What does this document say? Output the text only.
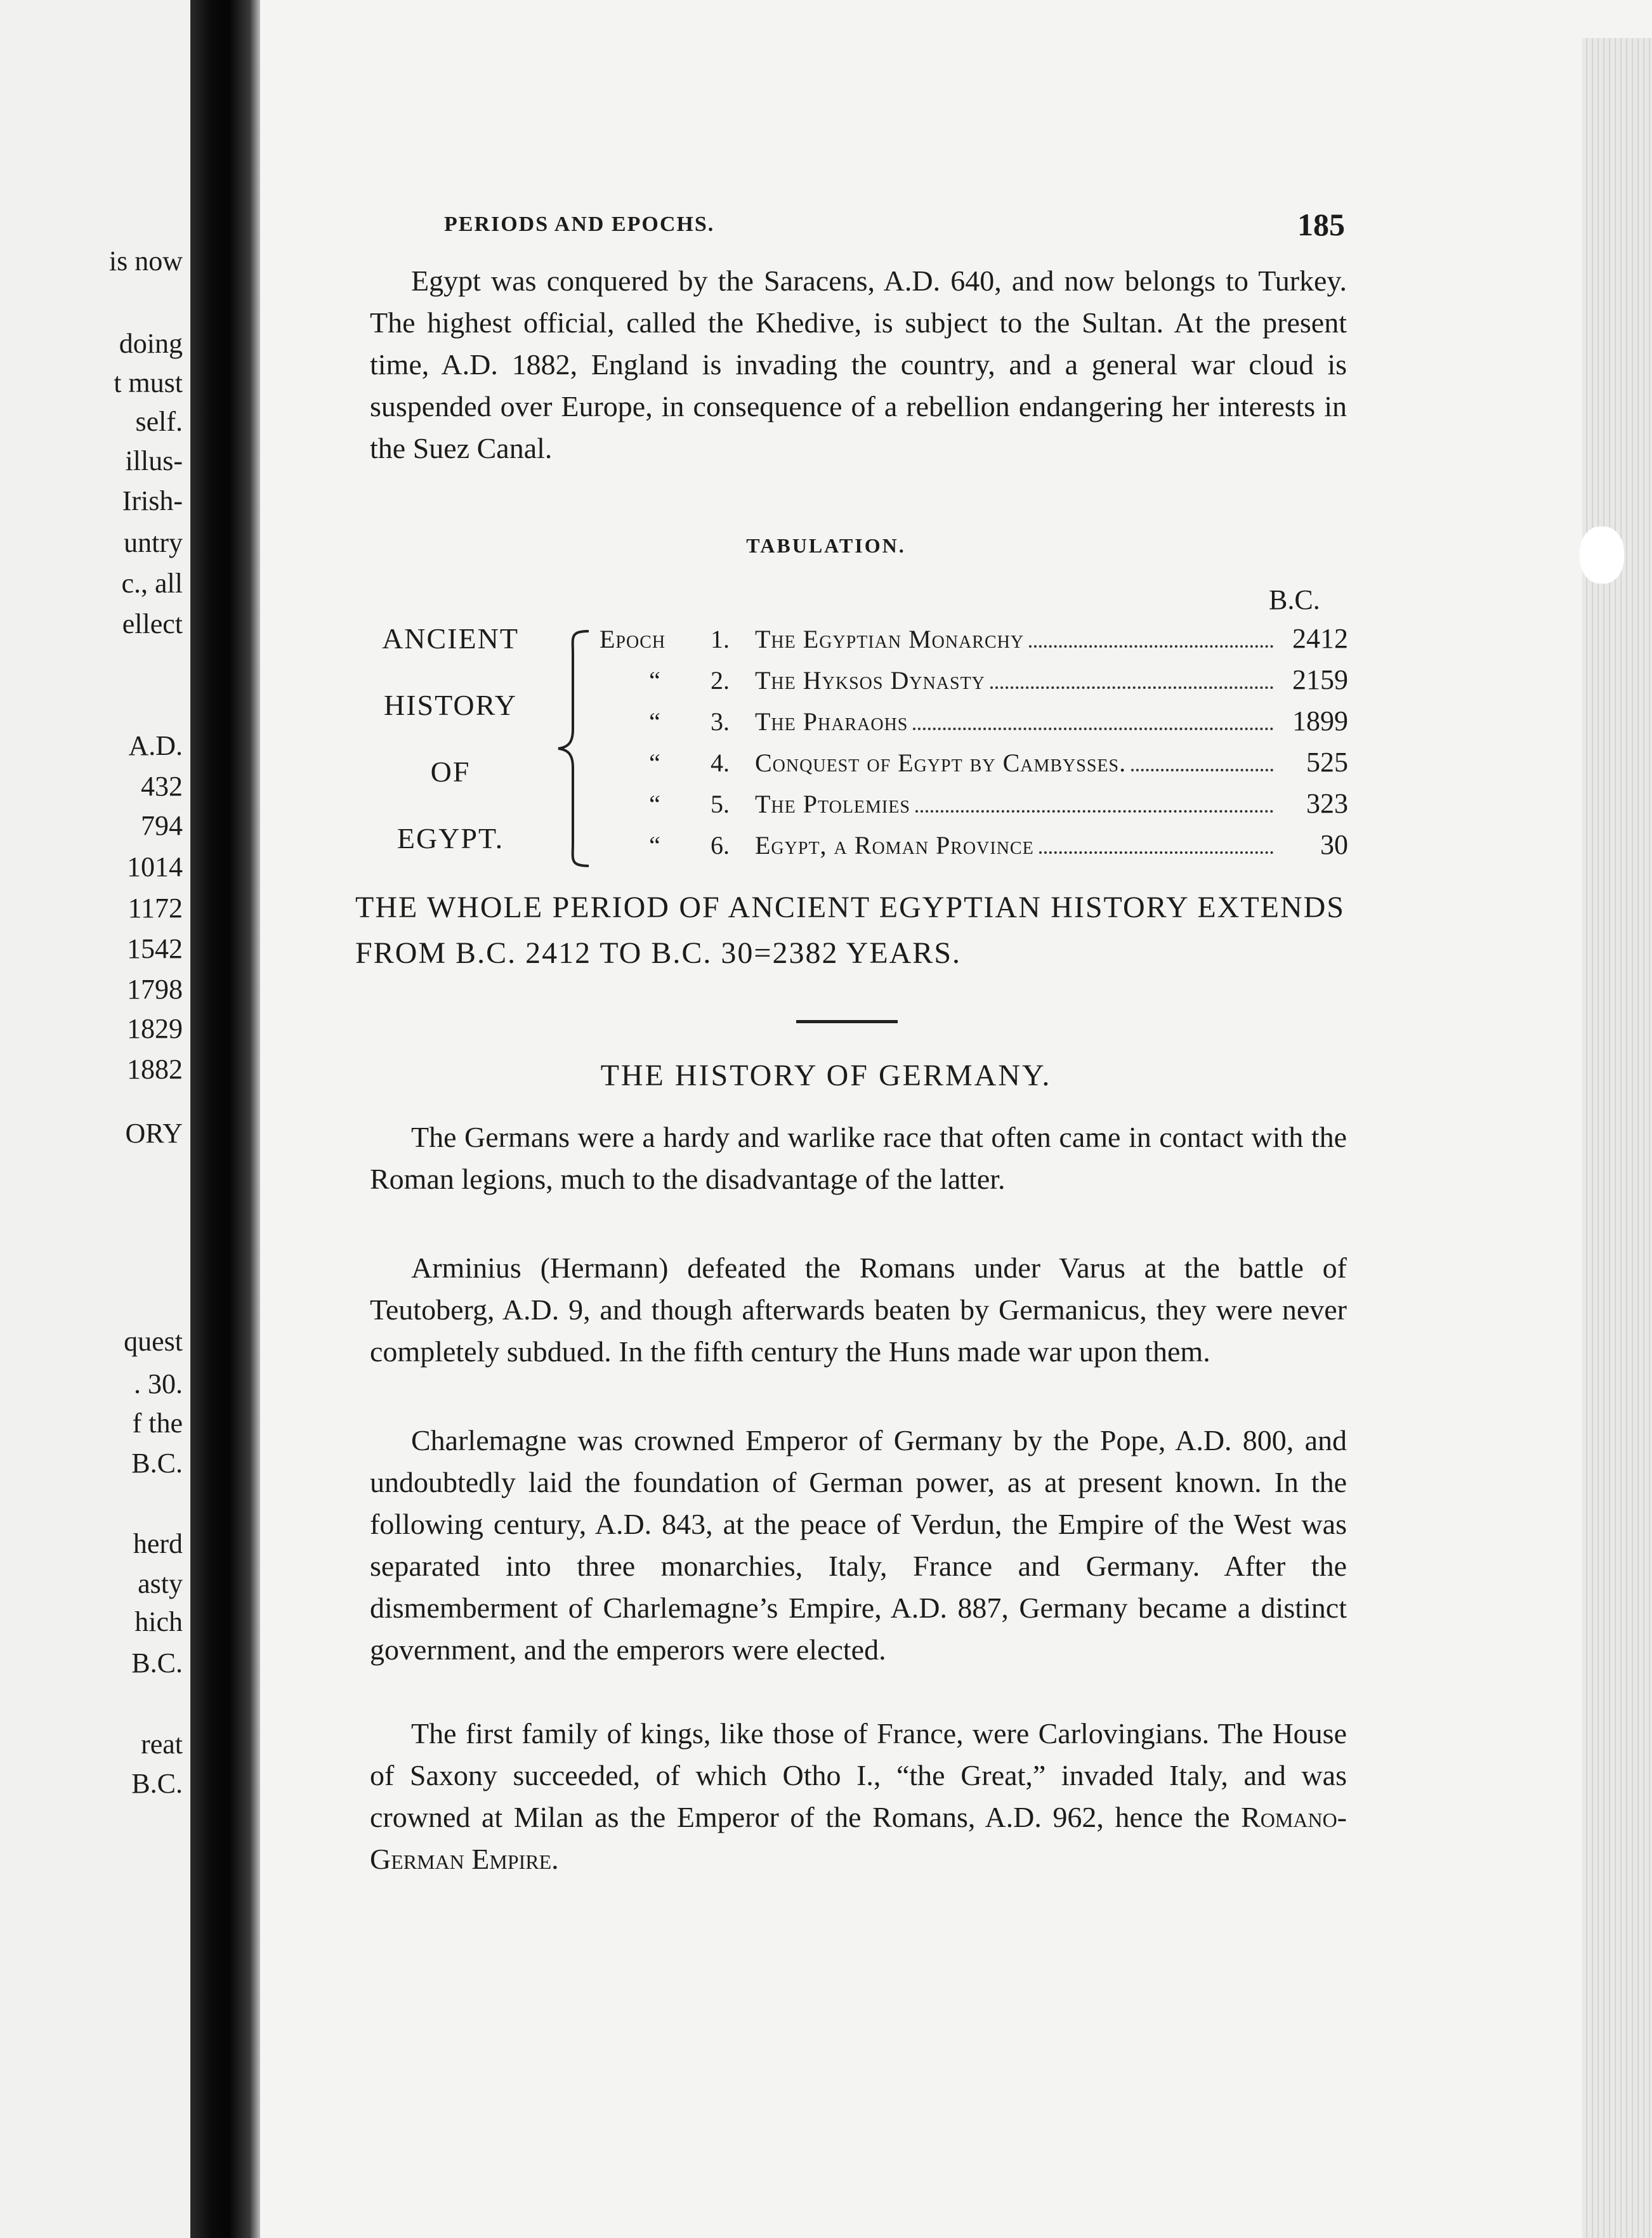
is now
doing
t must
self.
illus-
Irish-
untry
c., all
ellect
A.D.
432
794
1014
1172
1542
1798
1829
1882
ORY
quest
. 30.
f the
B.C.
herd
asty
hich
B.C.
reat
B.C.
PERIODS AND EPOCHS.	185

Egypt was conquered by the Saracens, A.D. 640, and now belongs to Turkey. The highest official, called the Khedive, is subject to the Sultan. At the present time, A.D. 1882, England is invading the country, and a general war cloud is suspended over Europe, in consequence of a rebellion endangering her interests in the Suez Canal.

TABULATION.
B.C.
ANCIENT
HISTORY
OF
EGYPT.
Epoch	1.	The Egyptian Monarchy	2412
“	2.	The Hyksos Dynasty	2159
“	3.	The Pharaohs	1899
“	4.	Conquest of Egypt by Cambysses.	525
“	5.	The Ptolemies	323
“	6.	Egypt, a Roman Province	30

THE WHOLE PERIOD OF ANCIENT EGYPTIAN HISTORY EXTENDS FROM B.C. 2412 TO B.C. 30=2382 YEARS.

THE HISTORY OF GERMANY.

The Germans were a hardy and warlike race that often came in contact with the Roman legions, much to the disadvantage of the latter.

Arminius (Hermann) defeated the Romans under Varus at the battle of Teutoberg, A.D. 9, and though afterwards beaten by Germanicus, they were never completely subdued. In the fifth century the Huns made war upon them.

Charlemagne was crowned Emperor of Germany by the Pope, A.D. 800, and undoubtedly laid the foundation of German power, as at present known. In the following century, A.D. 843, at the peace of Verdun, the Empire of the West was separated into three monarchies, Italy, France and Germany. After the dismemberment of Charlemagne’s Empire, A.D. 887, Germany became a distinct government, and the emperors were elected.

The first family of kings, like those of France, were Carlovingians. The House of Saxony succeeded, of which Otho I., “the Great,” invaded Italy, and was crowned at Milan as the Emperor of the Romans, A.D. 962, hence the Romano-German Empire.
